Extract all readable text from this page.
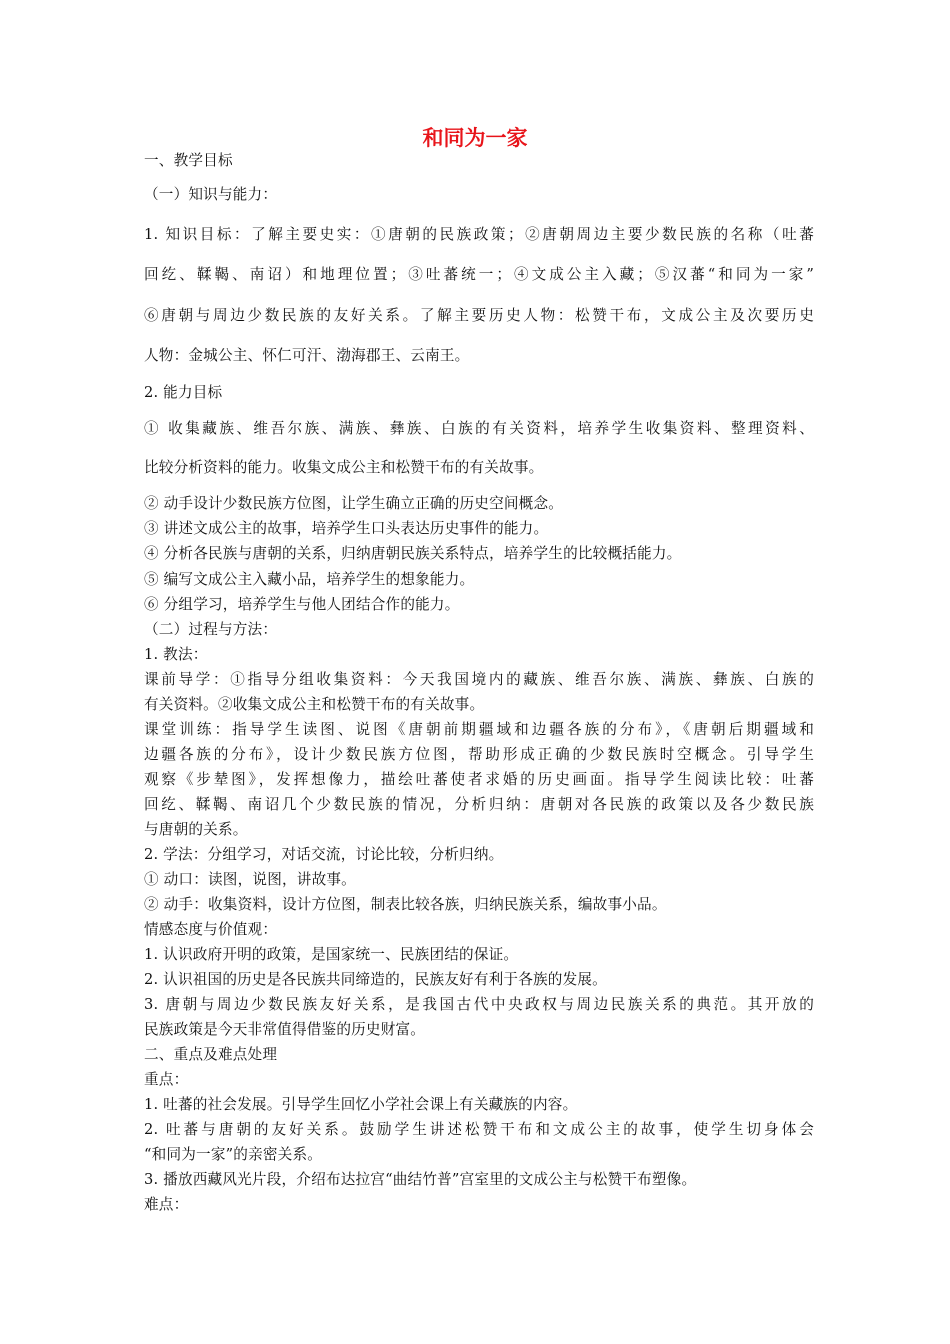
和同为一家
一、教学目标
（一）知识与能力：
1. 知识目标：了解主要史实：①唐朝的民族政策；②唐朝周边主要少数民族的名称（吐蕃
回纥、鞣鞨、南诏）和地理位置；③吐蕃统一；④文成公主入藏；⑤汉蕃“和同为一家”
⑥唐朝与周边少数民族的友好关系。了解主要历史人物：松赞干布，文成公主及次要历史
人物：金城公主、怀仁可汗、渤海郡王、云南王。
2. 能力目标
① 收集藏族、维吾尔族、满族、彝族、白族的有关资料，培养学生收集资料、整理资料、
比较分析资料的能力。收集文成公主和松赞干布的有关故事。
② 动手设计少数民族方位图，让学生确立正确的历史空间概念。
③ 讲述文成公主的故事，培养学生口头表达历史事件的能力。
④ 分析各民族与唐朝的关系，归纳唐朝民族关系特点，培养学生的比较概括能力。
⑤ 编写文成公主入藏小品，培养学生的想象能力。
⑥ 分组学习，培养学生与他人团结合作的能力。
（二）过程与方法：
1. 教法：
课前导学：①指导分组收集资料：今天我国境内的藏族、维吾尔族、满族、彝族、白族的
有关资料。②收集文成公主和松赞干布的有关故事。
课堂训练：指导学生读图、说图《唐朝前期疆域和边疆各族的分布》，《唐朝后期疆域和
边疆各族的分布》，设计少数民族方位图，帮助形成正确的少数民族时空概念。引导学生
观察《步辇图》，发挥想像力，描绘吐蕃使者求婚的历史画面。指导学生阅读比较：吐蕃
回纥、鞣鞨、南诏几个少数民族的情况，分析归纳：唐朝对各民族的政策以及各少数民族
与唐朝的关系。
2. 学法：分组学习，对话交流，讨论比较，分析归纳。
① 动口：读图，说图，讲故事。
② 动手：收集资料，设计方位图，制表比较各族，归纳民族关系，编故事小品。
情感态度与价值观：
1. 认识政府开明的政策，是国家统一、民族团结的保证。
2. 认识祖国的历史是各民族共同缔造的，民族友好有利于各族的发展。
3. 唐朝与周边少数民族友好关系，是我国古代中央政权与周边民族关系的典范。其开放的
民族政策是今天非常值得借鉴的历史财富。
二、重点及难点处理
重点：
1. 吐蕃的社会发展。引导学生回忆小学社会课上有关藏族的内容。
2. 吐蕃与唐朝的友好关系。鼓励学生讲述松赞干布和文成公主的故事，使学生切身体会
“和同为一家”的亲密关系。
3. 播放西藏风光片段，介绍布达拉宫“曲结竹普”宫室里的文成公主与松赞干布塑像。
难点：
